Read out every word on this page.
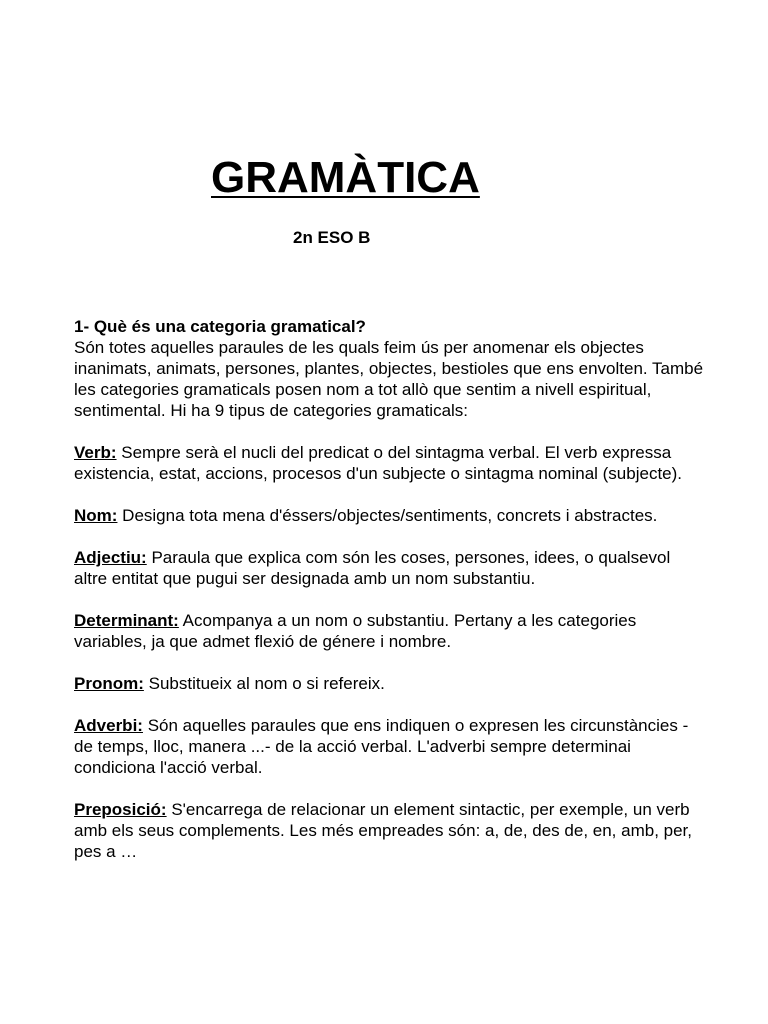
GRAMÀTICA
2n ESO B

1- Què és una categoria gramatical?
Són totes aquelles paraules de les quals feim ús per anomenar els objectes inanimats, animats, persones, plantes, objectes, bestioles que ens envolten. També les categories gramaticals posen nom a tot allò que sentim a nivell espiritual, sentimental. Hi ha 9 tipus de categories gramaticals:

Verb: Sempre serà el nucli del predicat o del sintagma verbal. El verb expressa existencia, estat, accions, procesos d'un subjecte o sintagma nominal (subjecte).

Nom: Designa tota mena d'éssers/objectes/sentiments, concrets i abstractes.

Adjectiu: Paraula que explica com són les coses, persones, idees, o qualsevol altre entitat que pugui ser designada amb un nom substantiu.

Determinant: Acompanya a un nom o substantiu. Pertany a les categories variables, ja que admet flexió de génere i nombre.

Pronom: Substitueix al nom o si refereix.

Adverbi: Són aquelles paraules que ens indiquen o expresen les circunstàncies -de temps, lloc, manera ...- de la acció verbal. L'adverbi sempre determinai condiciona l'acció verbal.

Preposició: S'encarrega de relacionar un element sintactic, per exemple, un verb amb els seus complements. Les més empreades són: a, de, des de, en, amb, per, pes a …
